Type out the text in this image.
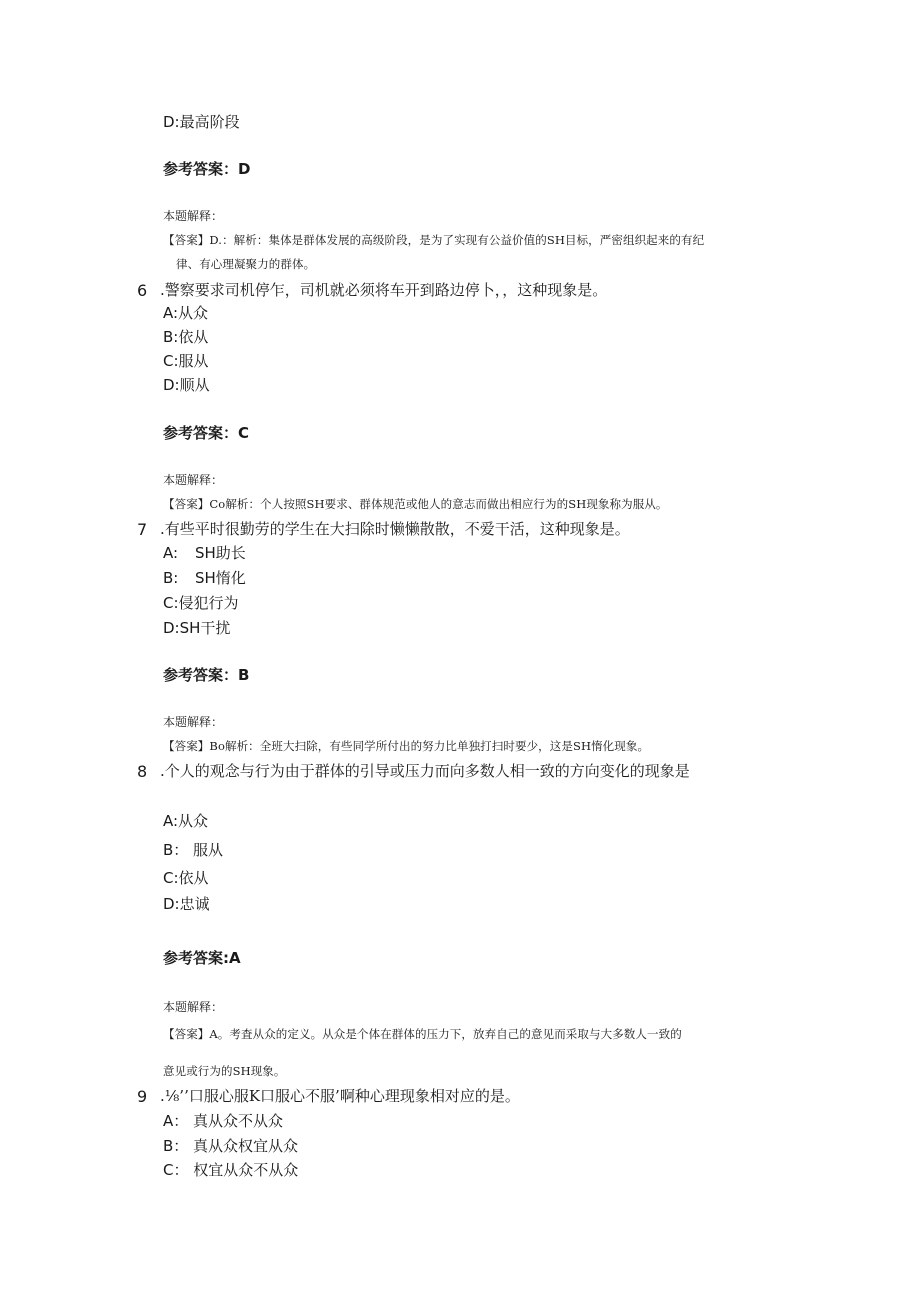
D:最高阶段
参考答案：D
本题解释：
【答案】D.：解析：集体是群体发展的高级阶段，是为了实现有公益价值的SH目标，严密组织起来的有纪
律、有心理凝聚力的群体。
6 .警察要求司机停乍，司机就必须将车开到路边停卜，，这种现象是。
A:从众
B:依从
C:服从
D:顺从
参考答案：C
本题解释：
【答案】Co解析：个人按照SH要求、群体规范或他人的意志而做出相应行为的SH现象称为服从。
7 .有些平时很勤劳的学生在大扫除时懒懒散散，不爱干活，这种现象是。
A: SH助长
B: SH惰化
C:侵犯行为
D:SH干扰
参考答案：B
本题解释：
【答案】Bo解析：全班大扫除，有些同学所付出的努力比单独打扫时要少，这是SH惰化现象。
8 .个人的观念与行为由于群体的引导或压力而向多数人相一致的方向变化的现象是
A:从众
B： 服从
C:依从
D:忠诚
参考答案:A
本题解释：
【答案】A。考査从众的定义。从众是个体在群体的压力下，放弃自己的意见而采取与大多数人一致的
意见或行为的SH现象。
9 .⅛’’口服心服K口服心不服’啊种心理现象相对应的是。
A： 真从众不从众
B： 真从众权宜从众
C： 权宜从众不从众
